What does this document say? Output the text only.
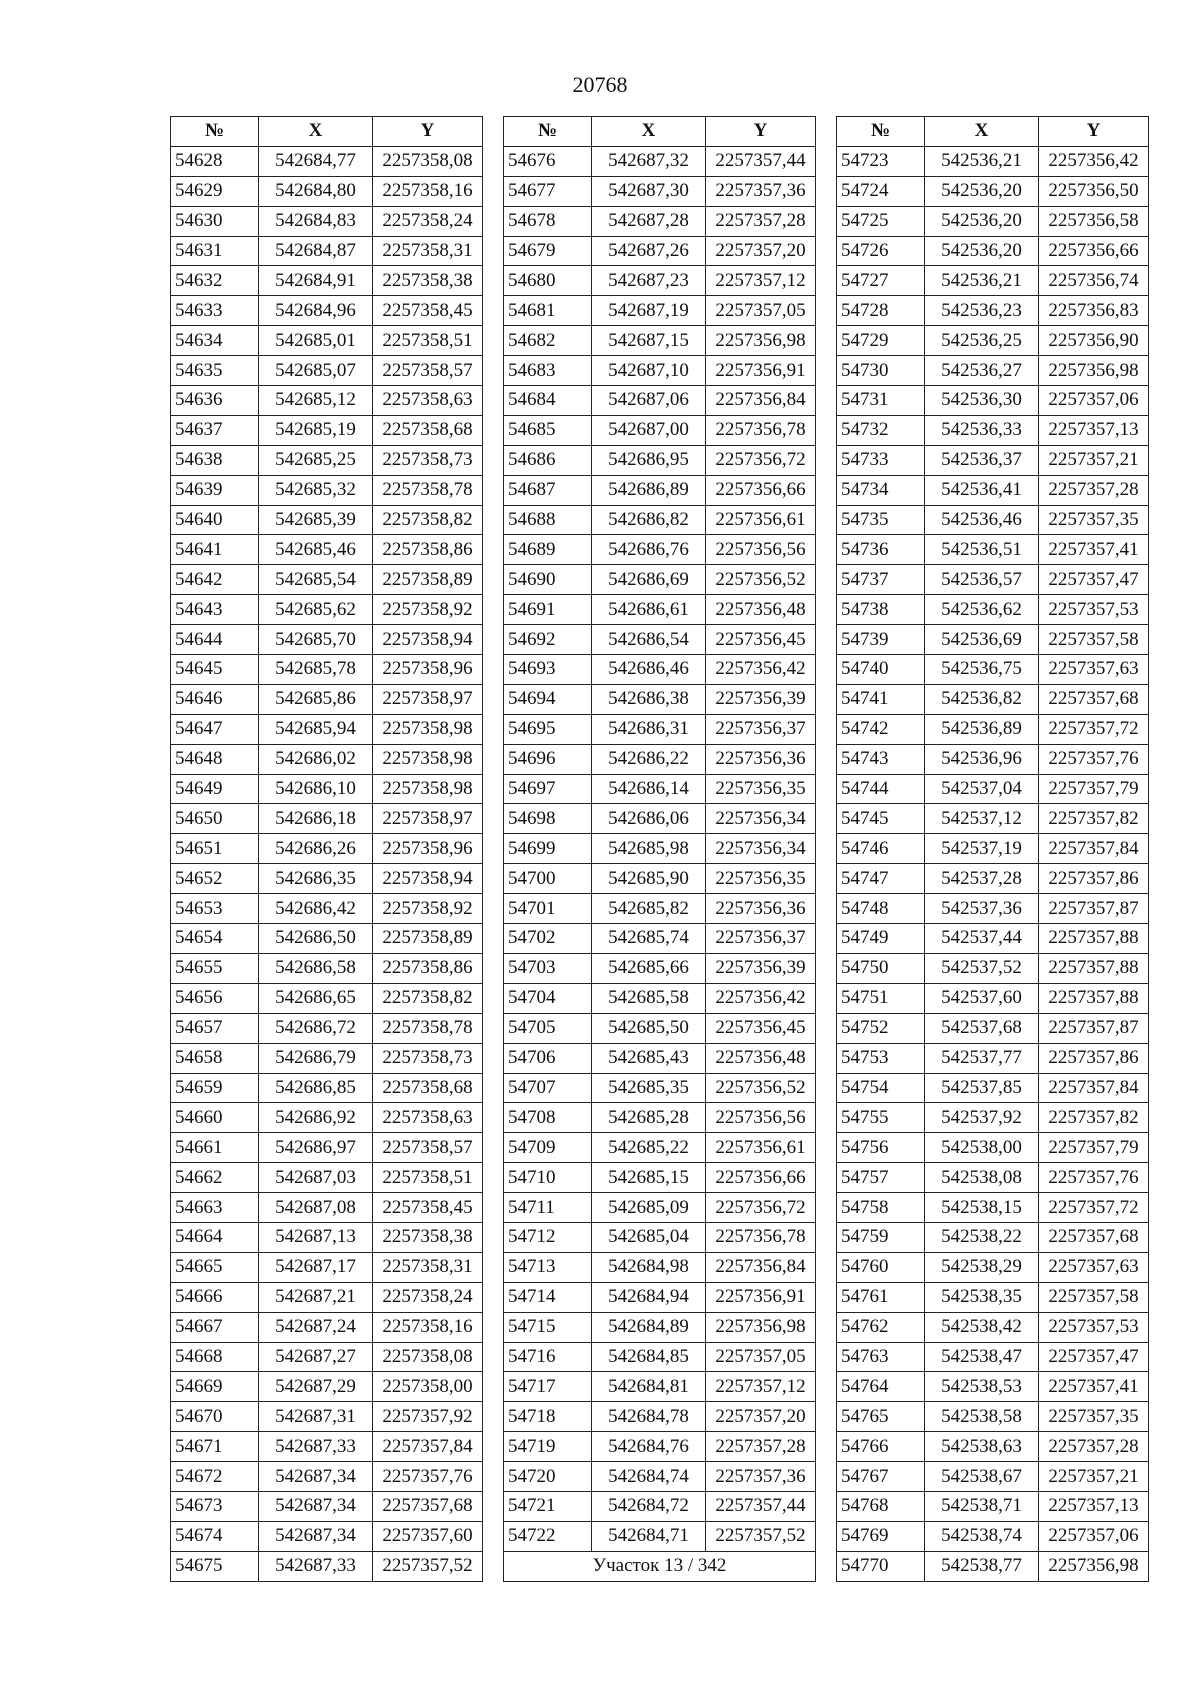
20768
№	X	Y
54628	542684,77	2257358,08
54629	542684,80	2257358,16
54630	542684,83	2257358,24
54631	542684,87	2257358,31
54632	542684,91	2257358,38
54633	542684,96	2257358,45
54634	542685,01	2257358,51
54635	542685,07	2257358,57
54636	542685,12	2257358,63
54637	542685,19	2257358,68
54638	542685,25	2257358,73
54639	542685,32	2257358,78
54640	542685,39	2257358,82
54641	542685,46	2257358,86
54642	542685,54	2257358,89
54643	542685,62	2257358,92
54644	542685,70	2257358,94
54645	542685,78	2257358,96
54646	542685,86	2257358,97
54647	542685,94	2257358,98
54648	542686,02	2257358,98
54649	542686,10	2257358,98
54650	542686,18	2257358,97
54651	542686,26	2257358,96
54652	542686,35	2257358,94
54653	542686,42	2257358,92
54654	542686,50	2257358,89
54655	542686,58	2257358,86
54656	542686,65	2257358,82
54657	542686,72	2257358,78
54658	542686,79	2257358,73
54659	542686,85	2257358,68
54660	542686,92	2257358,63
54661	542686,97	2257358,57
54662	542687,03	2257358,51
54663	542687,08	2257358,45
54664	542687,13	2257358,38
54665	542687,17	2257358,31
54666	542687,21	2257358,24
54667	542687,24	2257358,16
54668	542687,27	2257358,08
54669	542687,29	2257358,00
54670	542687,31	2257357,92
54671	542687,33	2257357,84
54672	542687,34	2257357,76
54673	542687,34	2257357,68
54674	542687,34	2257357,60
54675	542687,33	2257357,52
№	X	Y
54676	542687,32	2257357,44
54677	542687,30	2257357,36
54678	542687,28	2257357,28
54679	542687,26	2257357,20
54680	542687,23	2257357,12
54681	542687,19	2257357,05
54682	542687,15	2257356,98
54683	542687,10	2257356,91
54684	542687,06	2257356,84
54685	542687,00	2257356,78
54686	542686,95	2257356,72
54687	542686,89	2257356,66
54688	542686,82	2257356,61
54689	542686,76	2257356,56
54690	542686,69	2257356,52
54691	542686,61	2257356,48
54692	542686,54	2257356,45
54693	542686,46	2257356,42
54694	542686,38	2257356,39
54695	542686,31	2257356,37
54696	542686,22	2257356,36
54697	542686,14	2257356,35
54698	542686,06	2257356,34
54699	542685,98	2257356,34
54700	542685,90	2257356,35
54701	542685,82	2257356,36
54702	542685,74	2257356,37
54703	542685,66	2257356,39
54704	542685,58	2257356,42
54705	542685,50	2257356,45
54706	542685,43	2257356,48
54707	542685,35	2257356,52
54708	542685,28	2257356,56
54709	542685,22	2257356,61
54710	542685,15	2257356,66
54711	542685,09	2257356,72
54712	542685,04	2257356,78
54713	542684,98	2257356,84
54714	542684,94	2257356,91
54715	542684,89	2257356,98
54716	542684,85	2257357,05
54717	542684,81	2257357,12
54718	542684,78	2257357,20
54719	542684,76	2257357,28
54720	542684,74	2257357,36
54721	542684,72	2257357,44
54722	542684,71	2257357,52
Участок 13 / 342		
№	X	Y
54723	542536,21	2257356,42
54724	542536,20	2257356,50
54725	542536,20	2257356,58
54726	542536,20	2257356,66
54727	542536,21	2257356,74
54728	542536,23	2257356,83
54729	542536,25	2257356,90
54730	542536,27	2257356,98
54731	542536,30	2257357,06
54732	542536,33	2257357,13
54733	542536,37	2257357,21
54734	542536,41	2257357,28
54735	542536,46	2257357,35
54736	542536,51	2257357,41
54737	542536,57	2257357,47
54738	542536,62	2257357,53
54739	542536,69	2257357,58
54740	542536,75	2257357,63
54741	542536,82	2257357,68
54742	542536,89	2257357,72
54743	542536,96	2257357,76
54744	542537,04	2257357,79
54745	542537,12	2257357,82
54746	542537,19	2257357,84
54747	542537,28	2257357,86
54748	542537,36	2257357,87
54749	542537,44	2257357,88
54750	542537,52	2257357,88
54751	542537,60	2257357,88
54752	542537,68	2257357,87
54753	542537,77	2257357,86
54754	542537,85	2257357,84
54755	542537,92	2257357,82
54756	542538,00	2257357,79
54757	542538,08	2257357,76
54758	542538,15	2257357,72
54759	542538,22	2257357,68
54760	542538,29	2257357,63
54761	542538,35	2257357,58
54762	542538,42	2257357,53
54763	542538,47	2257357,47
54764	542538,53	2257357,41
54765	542538,58	2257357,35
54766	542538,63	2257357,28
54767	542538,67	2257357,21
54768	542538,71	2257357,13
54769	542538,74	2257357,06
54770	542538,77	2257356,98
